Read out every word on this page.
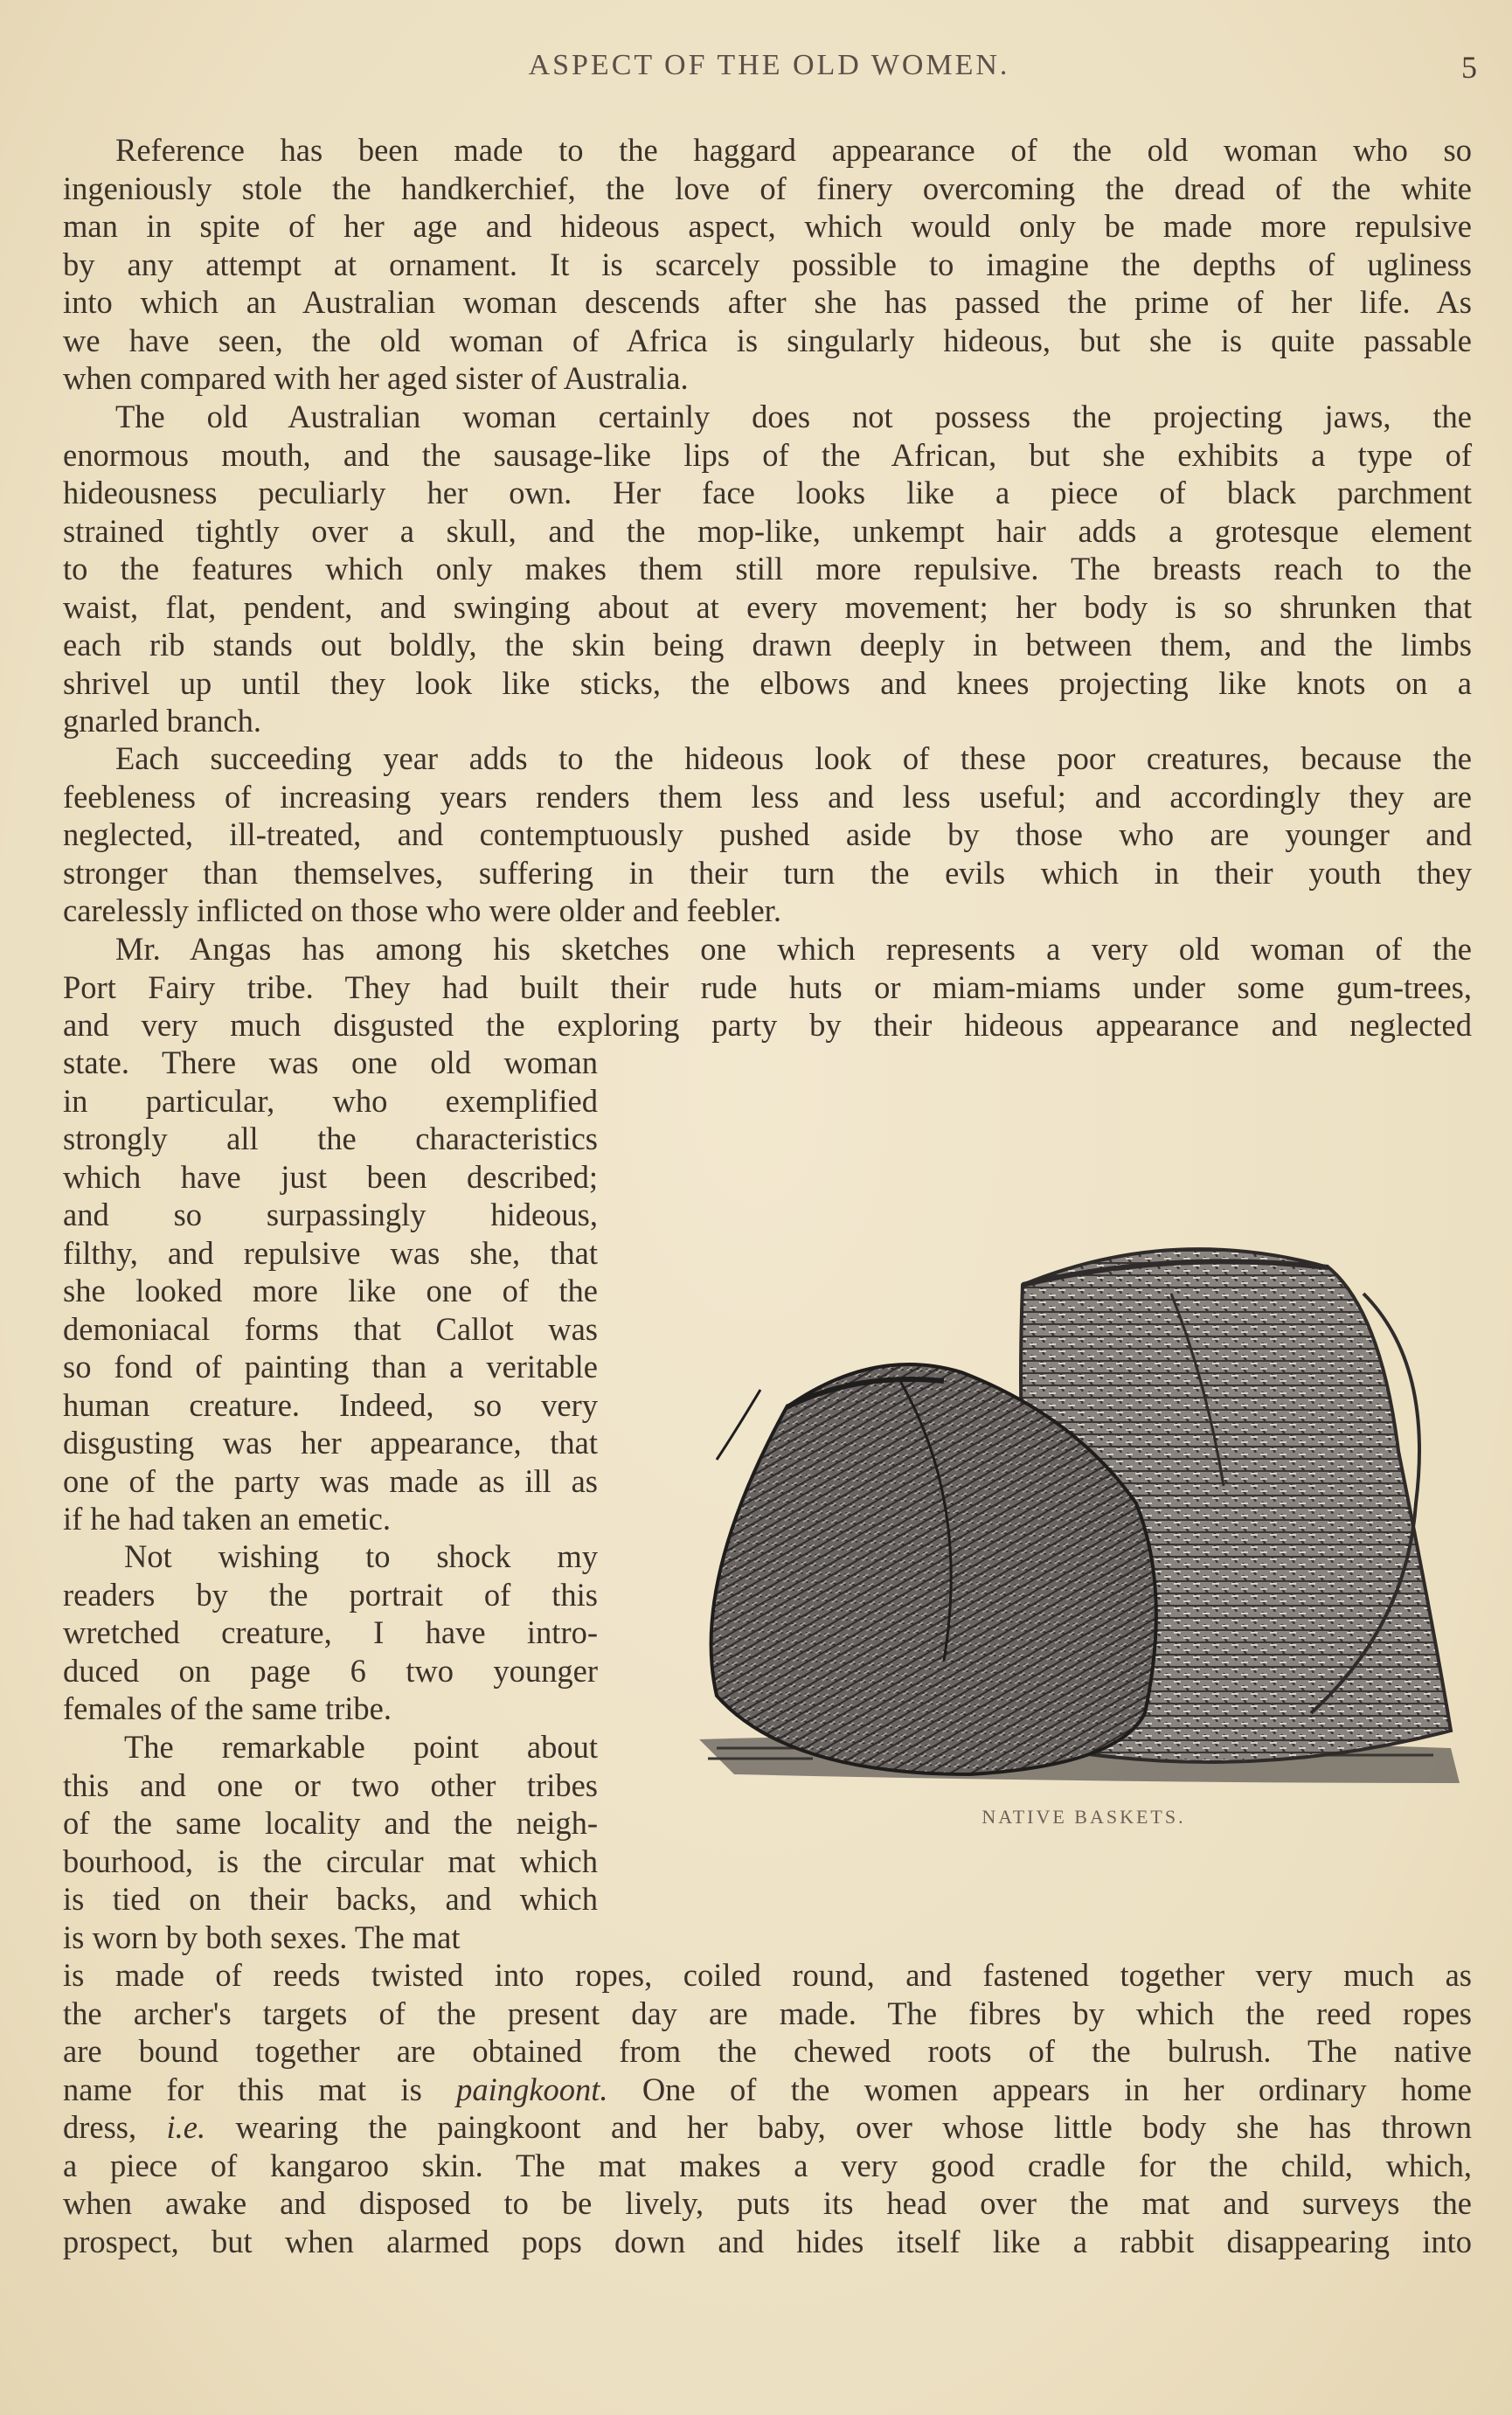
ASPECT OF THE OLD WOMEN.	5
Reference has been made to the haggard appearance of the old woman who so
ingeniously stole the handkerchief, the love of finery overcoming the dread of the white
man in spite of her age and hideous aspect, which would only be made more repulsive
by any attempt at ornament. It is scarcely possible to imagine the depths of ugliness
into which an Australian woman descends after she has passed the prime of her life. As
we have seen, the old woman of Africa is singularly hideous, but she is quite passable
when compared with her aged sister of Australia.
The old Australian woman certainly does not possess the projecting jaws, the
enormous mouth, and the sausage-like lips of the African, but she exhibits a type of
hideousness peculiarly her own. Her face looks like a piece of black parchment
strained tightly over a skull, and the mop-like, unkempt hair adds a grotesque element
to the features which only makes them still more repulsive. The breasts reach to the
waist, flat, pendent, and swinging about at every movement; her body is so shrunken that
each rib stands out boldly, the skin being drawn deeply in between them, and the limbs
shrivel up until they look like sticks, the elbows and knees projecting like knots on a
gnarled branch.
Each succeeding year adds to the hideous look of these poor creatures, because the
feebleness of increasing years renders them less and less useful; and accordingly they are
neglected, ill-treated, and contemptuously pushed aside by those who are younger and
stronger than themselves, suffering in their turn the evils which in their youth they
carelessly inflicted on those who were older and feebler.
Mr. Angas has among his sketches one which represents a very old woman of the
Port Fairy tribe. They had built their rude huts or miam-miams under some gum-trees,
and very much disgusted the exploring party by their hideous appearance and neglected
state. There was one old woman
in particular, who exemplified
strongly all the characteristics
which have just been described;
and so surpassingly hideous,
filthy, and repulsive was she, that
she looked more like one of the
demoniacal forms that Callot was
so fond of painting than a veritable
human creature. Indeed, so very
disgusting was her appearance, that
one of the party was made as ill as
if he had taken an emetic.
Not wishing to shock my
readers by the portrait of this
wretched creature, I have intro-
duced on page 6 two younger
females of the same tribe.
The remarkable point about
this and one or two other tribes
of the same locality and the neigh-
bourhood, is the circular mat which
is tied on their backs, and which
is worn by both sexes. The mat
is made of reeds twisted into ropes, coiled round, and fastened together very much as
the archer's targets of the present day are made. The fibres by which the reed ropes
are bound together are obtained from the chewed roots of the bulrush. The native
name for this mat is paingkoont. One of the women appears in her ordinary home
dress, i.e. wearing the paingkoont and her baby, over whose little body she has thrown
a piece of kangaroo skin. The mat makes a very good cradle for the child, which,
when awake and disposed to be lively, puts its head over the mat and surveys the
prospect, but when alarmed pops down and hides itself like a rabbit disappearing into
NATIVE BASKETS.
